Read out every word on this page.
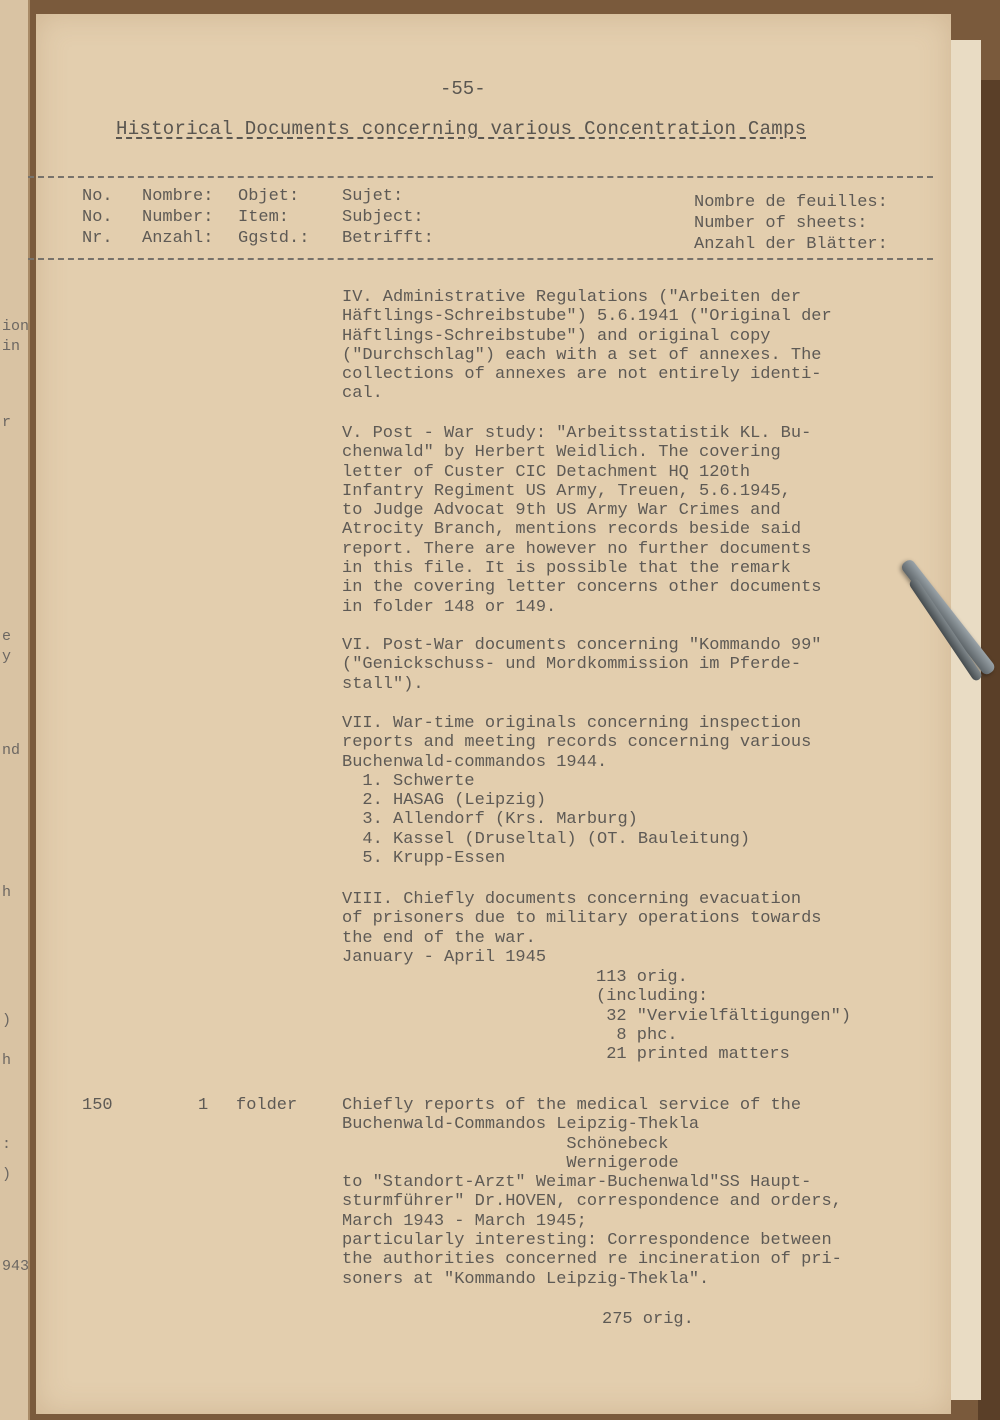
ion
in
r
e
y
nd
h
)
h
:
)
943
-55-
Historical Documents concerning various Concentration Camps
No.
No.
Nr.
Nombre:
Number:
Anzahl:
Objet:
Item:
Ggstd.:
Sujet:
Subject:
Betrifft:
Nombre de feuilles:
Number of sheets:
Anzahl der Blätter:
IV. Administrative Regulations ("Arbeiten der
Häftlings-Schreibstube") 5.6.1941 ("Original der
Häftlings-Schreibstube") and original copy
("Durchschlag") each with a set of annexes. The
collections of annexes are not entirely identi-
cal.
V. Post - War study: "Arbeitsstatistik KL. Bu-
chenwald" by Herbert Weidlich. The covering
letter of Custer CIC Detachment HQ 120th
Infantry Regiment US Army, Treuen, 5.6.1945,
to Judge Advocat 9th US Army War Crimes and
Atrocity Branch, mentions records beside said
report. There are however no further documents
in this file. It is possible that the remark
in the covering letter concerns other documents
in folder 148 or 149.
VI. Post-War documents concerning "Kommando 99"
("Genickschuss- und Mordkommission im Pferde-
stall").
VII. War-time originals concerning inspection
reports and meeting records concerning various
Buchenwald-commandos 1944.
1. Schwerte
2. HASAG (Leipzig)
3. Allendorf (Krs. Marburg)
4. Kassel (Druseltal) (OT. Bauleitung)
5. Krupp-Essen
VIII. Chiefly documents concerning evacuation
of prisoners due to military operations towards
the end of the war.
January - April 1945
113 orig.
(including:
32 "Vervielfältigungen")
8 phc.
21 printed matters
150	1 folder	Chiefly reports of the medical service of the
Buchenwald-Commandos Leipzig-Thekla
Schönebeck
Wernigerode
to "Standort-Arzt" Weimar-Buchenwald"SS Haupt-
sturmführer" Dr.HOVEN, correspondence and orders,
March 1943 - March 1945;
particularly interesting: Correspondence between
the authorities concerned re incineration of pri-
soners at "Kommando Leipzig-Thekla".
275 orig.
